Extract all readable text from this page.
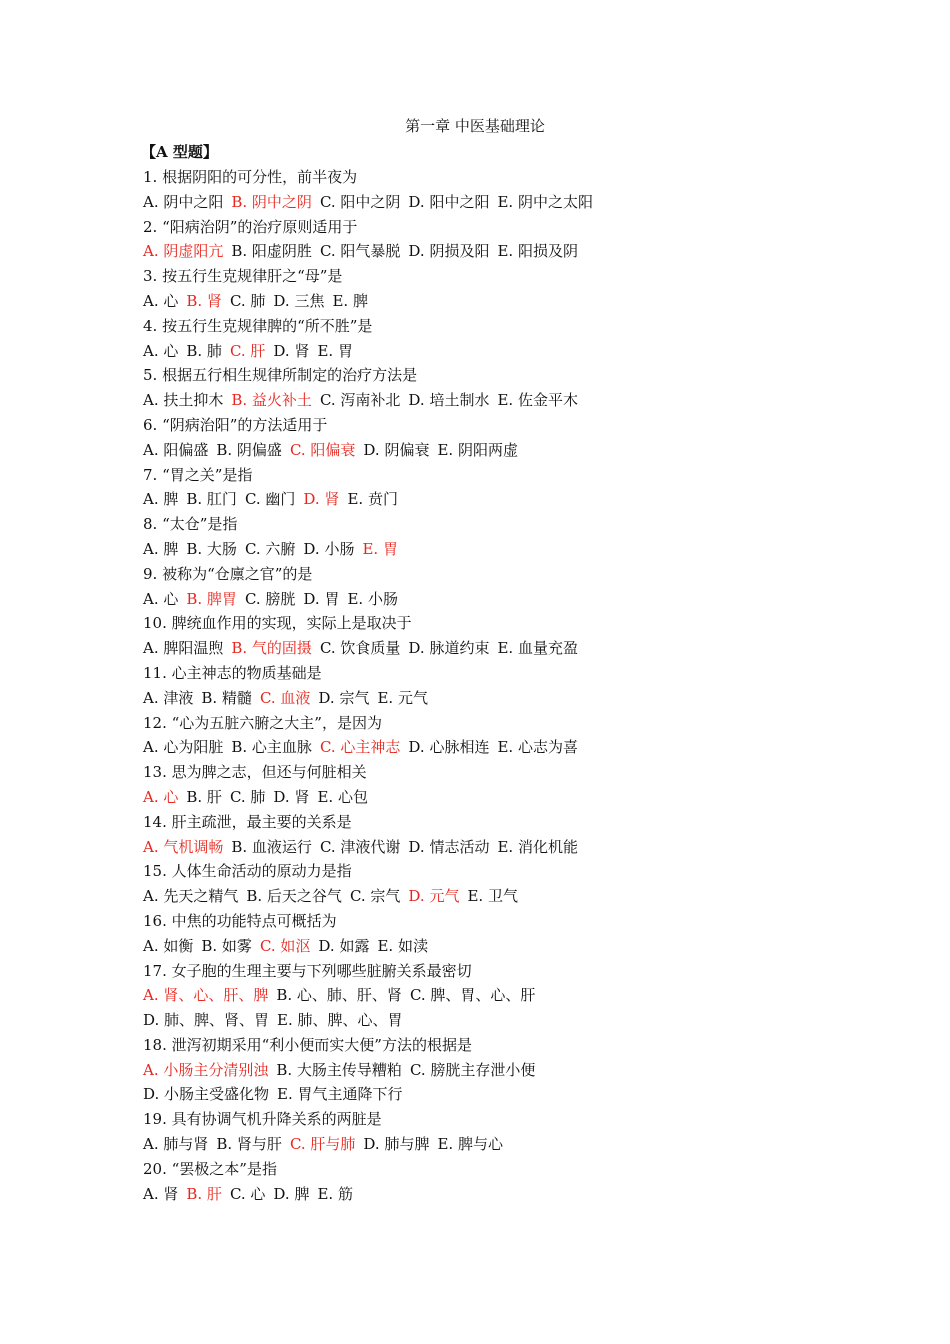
第一章 中医基础理论
【A 型题】
1. 根据阴阳的可分性，前半夜为
A. 阴中之阳 B. 阴中之阴 C. 阳中之阴 D. 阳中之阳 E. 阴中之太阳
2. “阳病治阴”的治疗原则适用于
A. 阴虚阳亢 B. 阳虚阴胜 C. 阳气暴脱 D. 阴损及阳 E. 阳损及阴
3. 按五行生克规律肝之“母”是
A. 心 B. 肾 C. 肺 D. 三焦 E. 脾
4. 按五行生克规律脾的“所不胜”是
A. 心 B. 肺 C. 肝 D. 肾 E. 胃
5. 根据五行相生规律所制定的治疗方法是
A. 扶土抑木 B. 益火补土 C. 泻南补北 D. 培土制水 E. 佐金平木
6. “阴病治阳”的方法适用于
A. 阳偏盛 B. 阴偏盛 C. 阳偏衰 D. 阴偏衰 E. 阴阳两虚
7. “胃之关”是指
A. 脾 B. 肛门 C. 幽门 D. 肾 E. 贲门
8. “太仓”是指
A. 脾 B. 大肠 C. 六腑 D. 小肠 E. 胃
9. 被称为“仓廪之官”的是
A. 心 B. 脾胃 C. 膀胱 D. 胃 E. 小肠
10. 脾统血作用的实现，实际上是取决于
A. 脾阳温煦 B. 气的固摄 C. 饮食质量 D. 脉道约束 E. 血量充盈
11. 心主神志的物质基础是
A. 津液 B. 精髓 C. 血液 D. 宗气 E. 元气
12. “心为五脏六腑之大主”，是因为
A. 心为阳脏 B. 心主血脉 C. 心主神志 D. 心脉相连 E. 心志为喜
13. 思为脾之志，但还与何脏相关
A. 心 B. 肝 C. 肺 D. 肾 E. 心包
14. 肝主疏泄，最主要的关系是
A. 气机调畅 B. 血液运行 C. 津液代谢 D. 情志活动 E. 消化机能
15. 人体生命活动的原动力是指
A. 先天之精气 B. 后天之谷气 C. 宗气 D. 元气 E. 卫气
16. 中焦的功能特点可概括为
A. 如衡 B. 如雾 C. 如沤 D. 如露 E. 如渎
17. 女子胞的生理主要与下列哪些脏腑关系最密切
A. 肾、心、肝、脾 B. 心、肺、肝、肾 C. 脾、胃、心、肝
D. 肺、脾、肾、胃 E. 肺、脾、心、胃
18. 泄泻初期采用“利小便而实大便”方法的根据是
A. 小肠主分清别浊 B. 大肠主传导糟粕 C. 膀胱主存泄小便
D. 小肠主受盛化物 E. 胃气主通降下行
19. 具有协调气机升降关系的两脏是
A. 肺与肾 B. 肾与肝 C. 肝与肺 D. 肺与脾 E. 脾与心
20. “罢极之本”是指
A. 肾 B. 肝 C. 心 D. 脾 E. 筋
